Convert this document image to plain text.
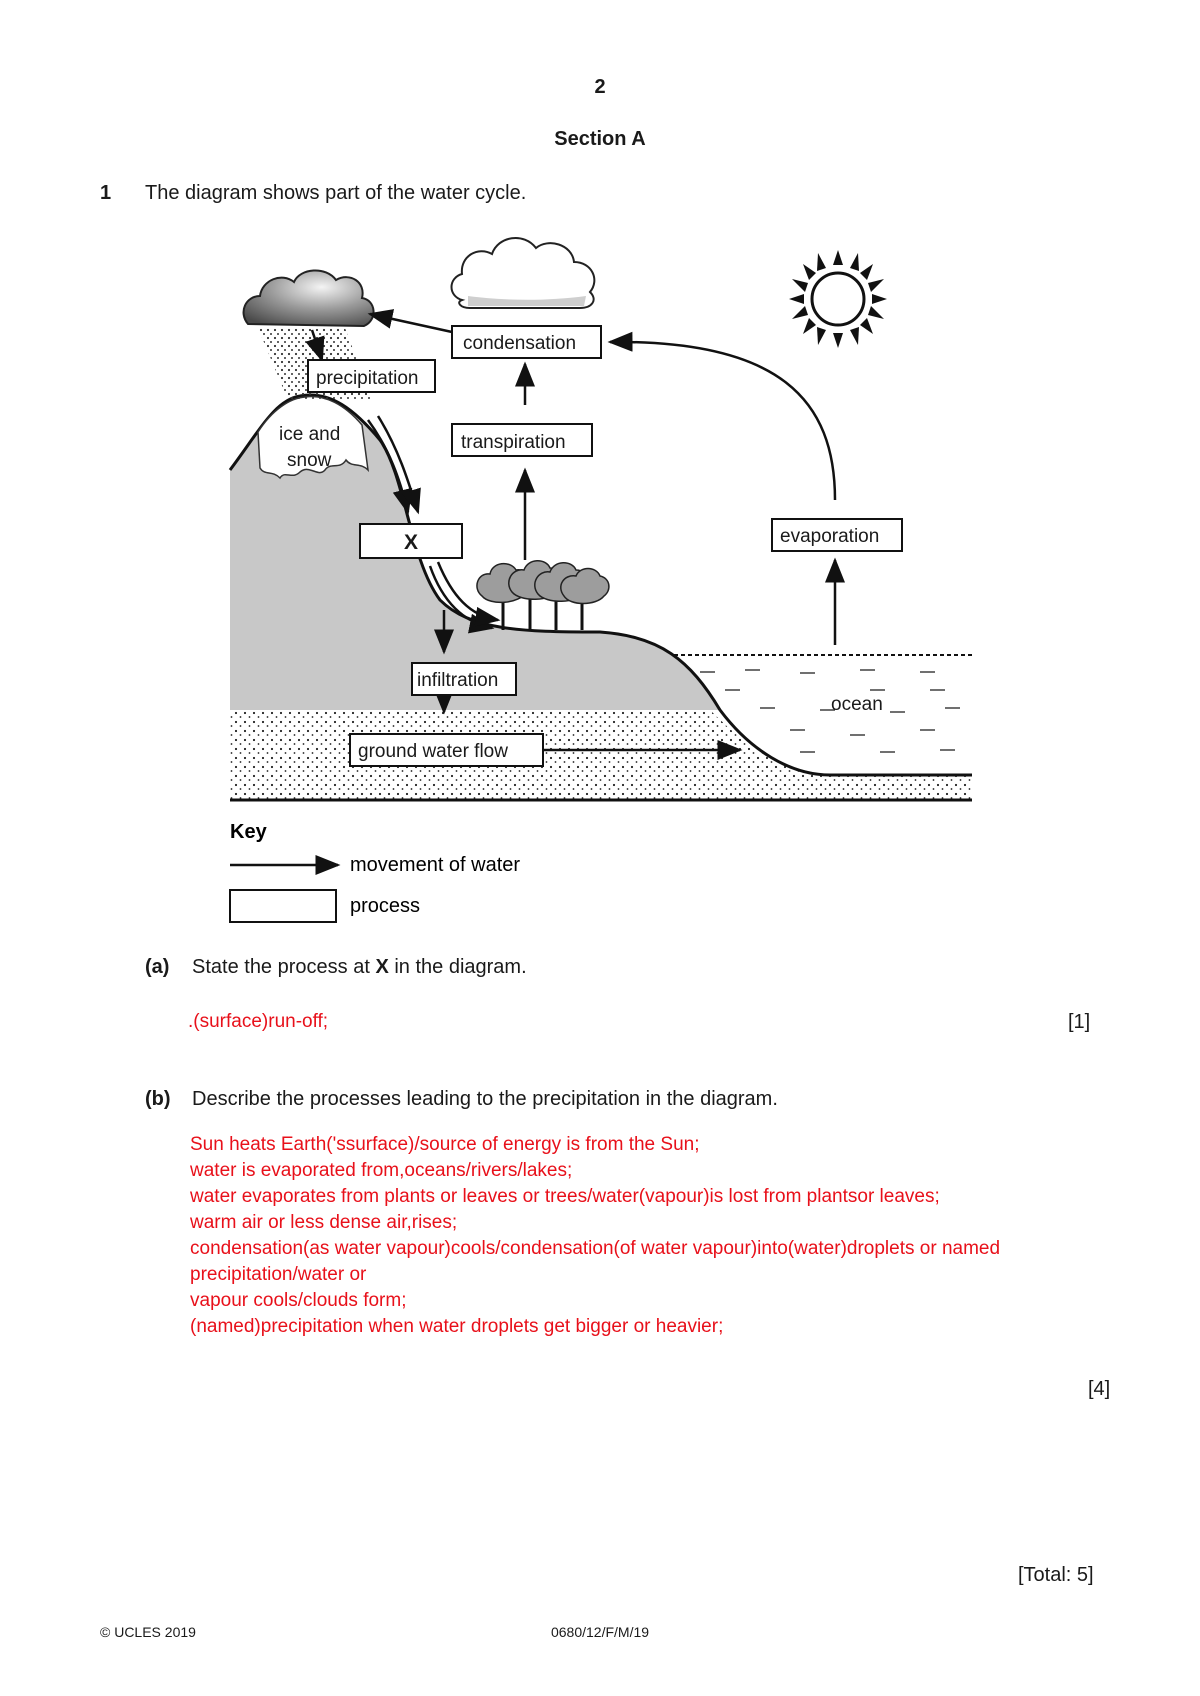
2
Section A
1 The diagram shows part of the water cycle.
condensation
precipitation
transpiration
ice and
snow
X	evaporation
infiltration
ocean
ground water flow
Key
movement of water
process
(a) State the process at X in the diagram.
.(surface)run-off;	[1]
(b) Describe the processes leading to the precipitation in the diagram.
Sun heats Earth('ssurface)/source of energy is from the Sun;
water is evaporated from,oceans/rivers/lakes;
water evaporates from plants or leaves or trees/water(vapour)is lost from plantsor leaves;
warm air or less dense air,rises;
condensation(as water vapour)cools/condensation(of water vapour)into(water)droplets or named
precipitation/water or
vapour cools/clouds form;
(named)precipitation when water droplets get bigger or heavier;
[4]
[Total: 5]
© UCLES 2019	0680/12/F/M/19
